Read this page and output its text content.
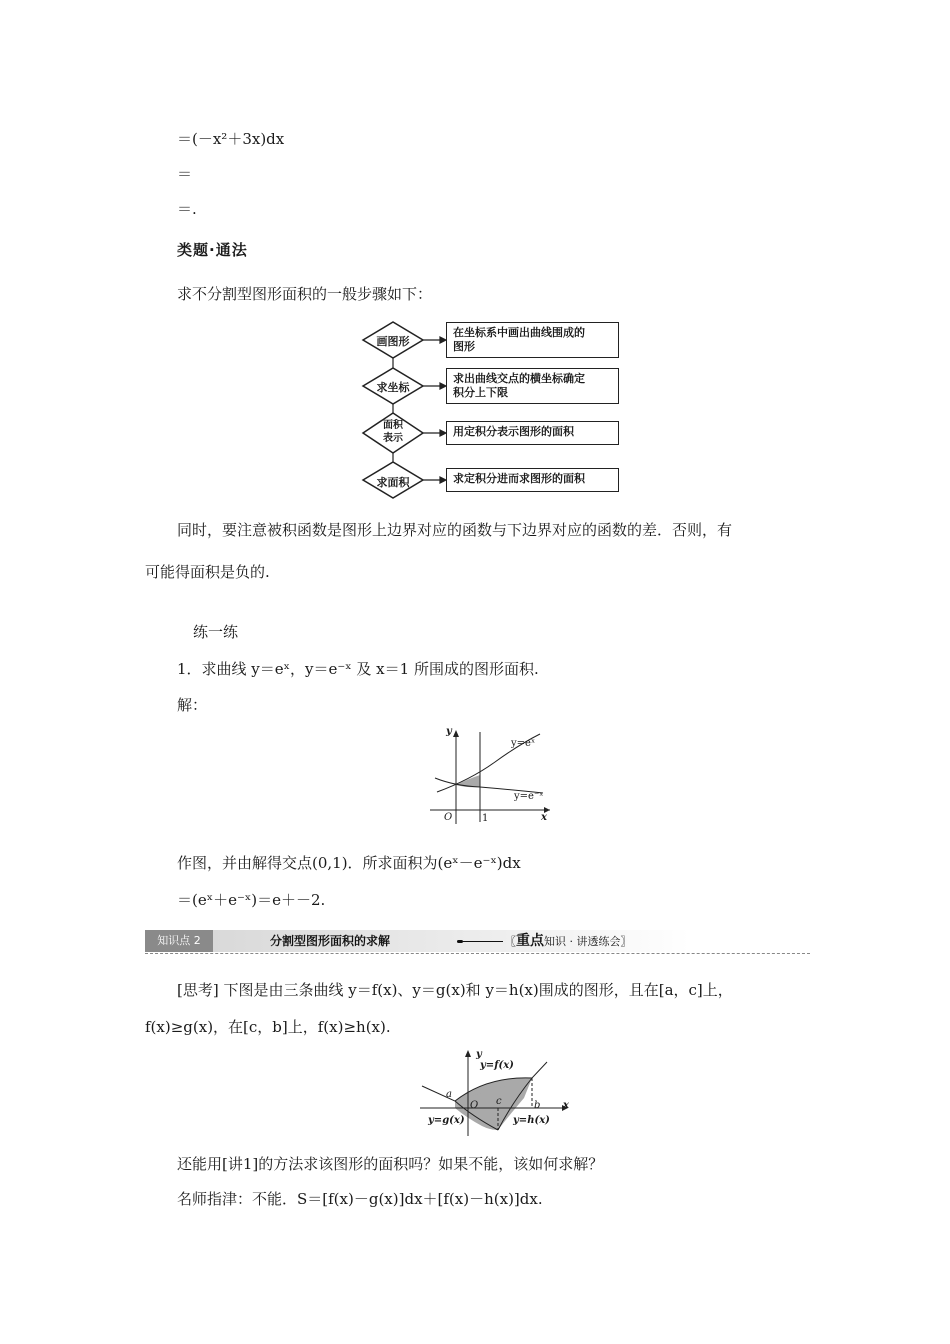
＝(－x²＋3x)dx
＝
＝.
类题·通法
求不分割型图形面积的一般步骤如下：
画图形
求坐标
面积
表示
求面积
在坐标系中画出曲线围成的
图形
求出曲线交点的横坐标确定
积分上下限
用定积分表示图形的面积
求定积分进而求图形的面积
同时，要注意被积函数是图形上边界对应的函数与下边界对应的函数的差．否则，有
可能得面积是负的.
练一练
1．求曲线 y＝eˣ，y＝e⁻ˣ 及 x＝1 所围成的图形面积.
解：
y
x
O	1
y=eˣ
y=e⁻ˣ
作图，并由解得交点(0,1)．所求面积为(eˣ－e⁻ˣ)dx
＝(eˣ＋e⁻ˣ)＝e＋－2.
知识点 2	分割型图形面积的求解	〖重点知识 · 讲透练会〗
[思考] 下图是由三条曲线 y＝f(x)、y＝g(x)和 y＝h(x)围成的图形，且在[a，c]上，
f(x)≥g(x)，在[c，b]上，f(x)≥h(x).
y
x
O
a
c	b
y=f(x)
y=g(x)	y=h(x)
还能用[讲1]的方法求该图形的面积吗？如果不能，该如何求解？
名师指津：不能．S＝[f(x)－g(x)]dx＋[f(x)－h(x)]dx.
